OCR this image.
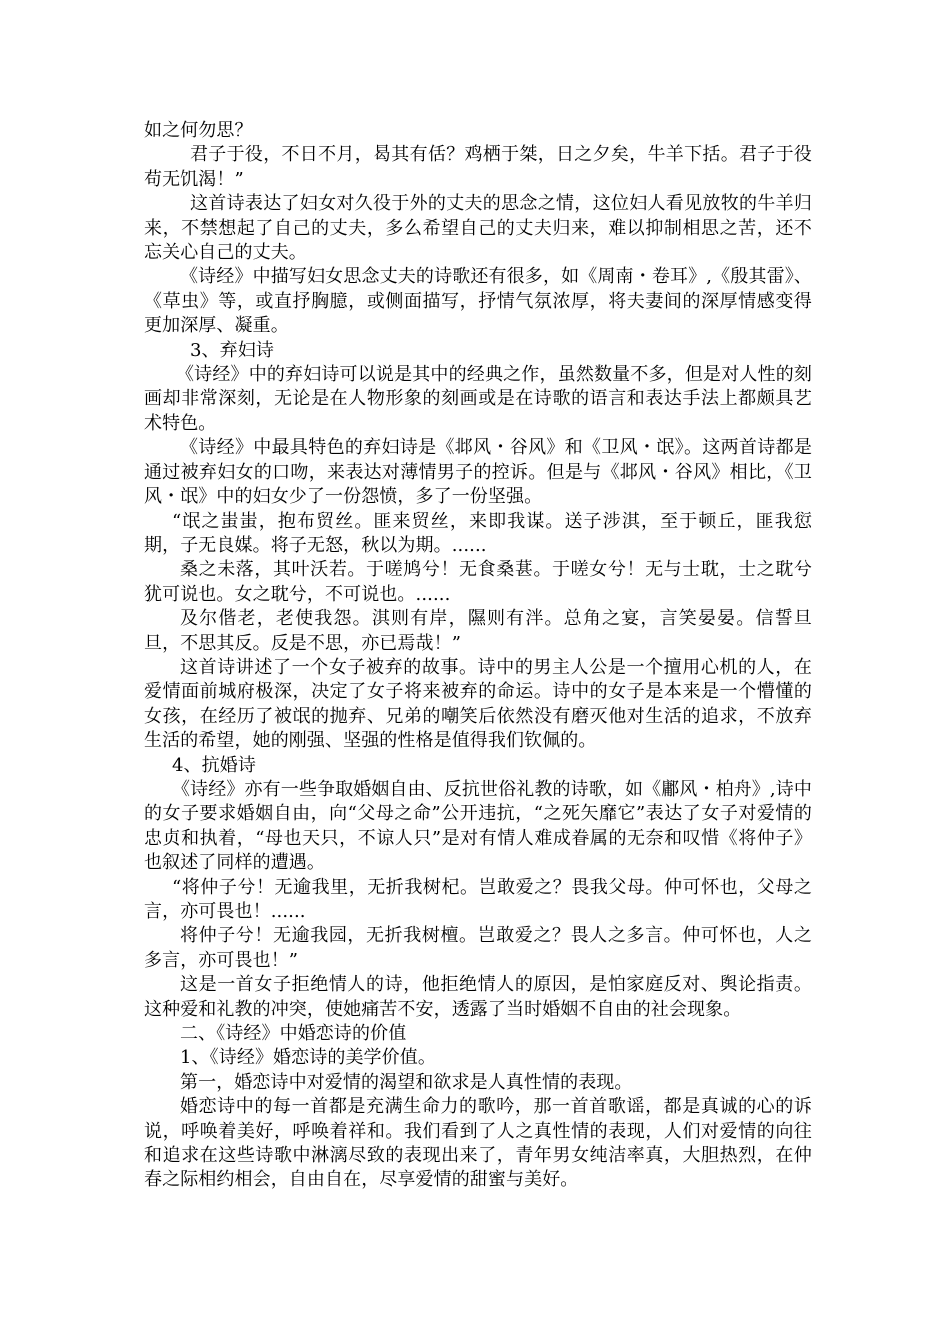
如之何勿思？

君子于役，不日不月，曷其有佸？鸡栖于桀，日之夕矣，牛羊下括。君子于役苟无饥渴！”

这首诗表达了妇女对久役于外的丈夫的思念之情，这位妇人看见放牧的牛羊归来，不禁想起了自己的丈夫，多么希望自己的丈夫归来，难以抑制相思之苦，还不忘关心自己的丈夫。

《诗经》中描写妇女思念丈夫的诗歌还有很多，如《周南・卷耳》,《殷其雷》、《草虫》等，或直抒胸臆，或侧面描写，抒情气氛浓厚，将夫妻间的深厚情感变得更加深厚、凝重。

3、弃妇诗

《诗经》中的弃妇诗可以说是其中的经典之作，虽然数量不多，但是对人性的刻画却非常深刻，无论是在人物形象的刻画或是在诗歌的语言和表达手法上都颇具艺术特色。

《诗经》中最具特色的弃妇诗是《邶风・谷风》和《卫风・氓》。这两首诗都是通过被弃妇女的口吻，来表达对薄情男子的控诉。但是与《邶风・谷风》相比，《卫风・氓》中的妇女少了一份怨愤，多了一份坚强。

“氓之蚩蚩，抱布贸丝。匪来贸丝，来即我谋。送子涉淇，至于顿丘，匪我愆期，子无良媒。将子无怒，秋以为期。......

桑之未落，其叶沃若。于嗟鸠兮！无食桑葚。于嗟女兮！无与士耽，士之耽兮犹可说也。女之耽兮，不可说也。......

及尔偕老，老使我怨。淇则有岸，隰则有泮。总角之宴，言笑晏晏。信誓旦旦，不思其反。反是不思，亦已焉哉！”

这首诗讲述了一个女子被弃的故事。诗中的男主人公是一个擅用心机的人，在爱情面前城府极深，决定了女子将来被弃的命运。诗中的女子是本来是一个懵懂的女孩，在经历了被氓的抛弃、兄弟的嘲笑后依然没有磨灭他对生活的追求，不放弃生活的希望，她的刚强、坚强的性格是值得我们钦佩的。

4、抗婚诗

《诗经》亦有一些争取婚姻自由、反抗世俗礼教的诗歌，如《鄘风・柏舟》,诗中的女子要求婚姻自由，向“父母之命”公开违抗，“之死矢靡它”表达了女子对爱情的忠贞和执着，“母也天只，不谅人只”是对有情人难成眷属的无奈和叹惜《将仲子》也叙述了同样的遭遇。

“将仲子兮！无逾我里，无折我树杞。岂敢爱之？畏我父母。仲可怀也，父母之言，亦可畏也！......

将仲子兮！无逾我园，无折我树檀。岂敢爱之？畏人之多言。仲可怀也，人之多言，亦可畏也！”

这是一首女子拒绝情人的诗，他拒绝情人的原因，是怕家庭反对、舆论指责。这种爱和礼教的冲突，使她痛苦不安，透露了当时婚姻不自由的社会现象。

二、《诗经》中婚恋诗的价值

1、《诗经》婚恋诗的美学价值。

第一，婚恋诗中对爱情的渴望和欲求是人真性情的表现。

婚恋诗中的每一首都是充满生命力的歌吟，那一首首歌谣，都是真诚的心的诉说，呼唤着美好，呼唤着祥和。我们看到了人之真性情的表现，人们对爱情的向往和追求在这些诗歌中淋漓尽致的表现出来了，青年男女纯洁率真，大胆热烈，在仲春之际相约相会，自由自在，尽享爱情的甜蜜与美好。
